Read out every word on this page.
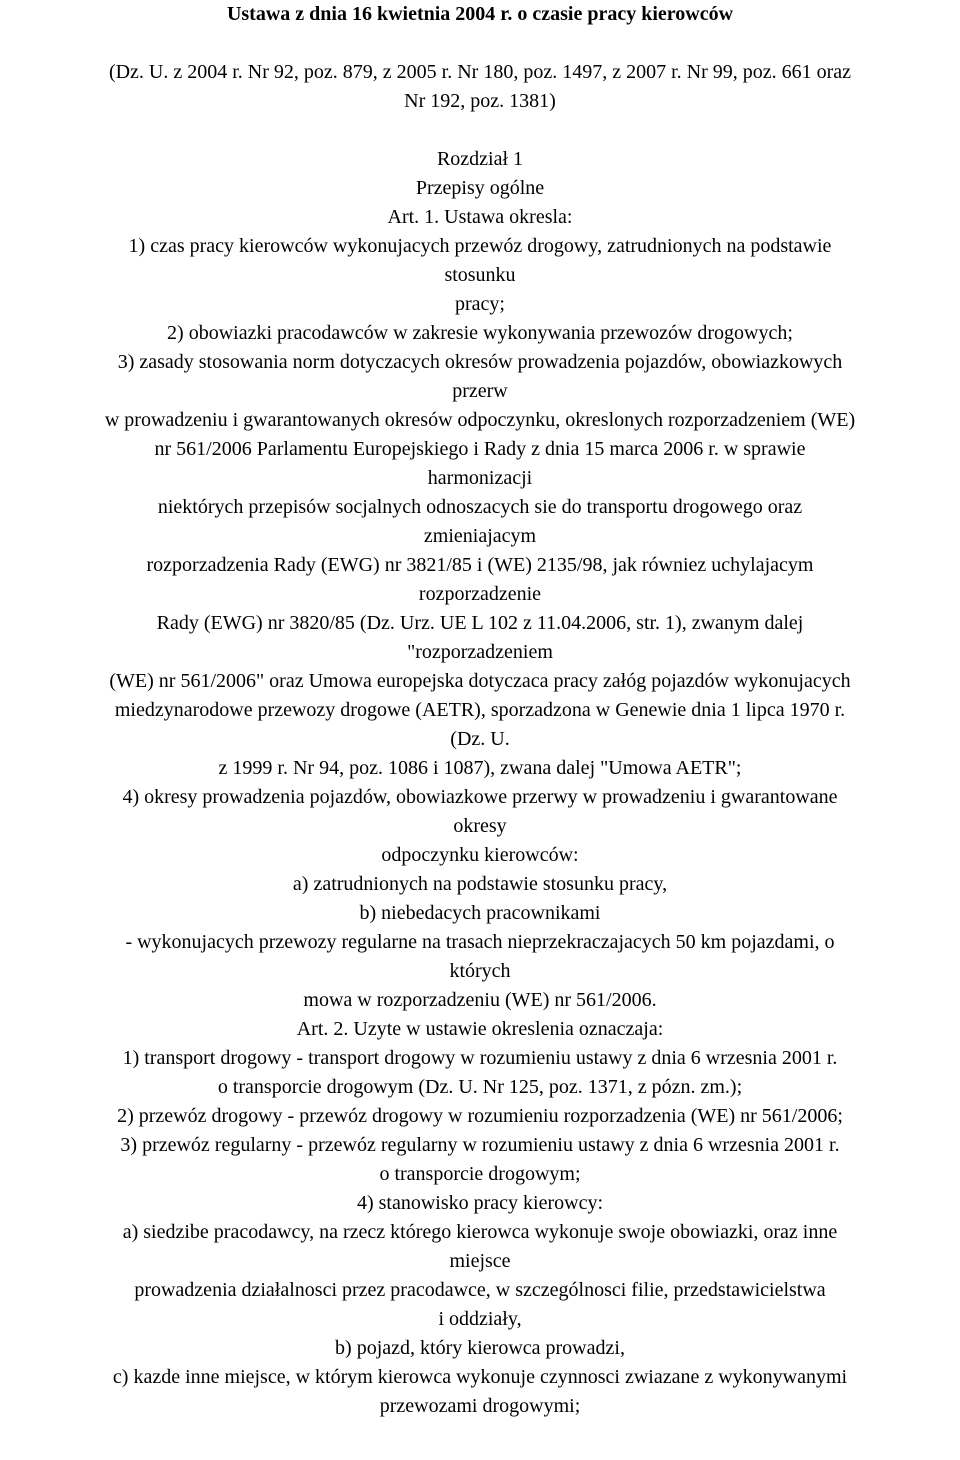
Ustawa z dnia 16 kwietnia 2004 r. o czasie pracy kierowców
(Dz. U. z 2004 r. Nr 92, poz. 879, z 2005 r. Nr 180, poz. 1497, z 2007 r. Nr 99, poz. 661 oraz
Nr 192, poz. 1381)
Rozdział 1
Przepisy ogólne
Art. 1. Ustawa okresla:
1) czas pracy kierowców wykonujacych przewóz drogowy, zatrudnionych na podstawie
stosunku
pracy;
2) obowiazki pracodawców w zakresie wykonywania przewozów drogowych;
3) zasady stosowania norm dotyczacych okresów prowadzenia pojazdów, obowiazkowych
przerw
w prowadzeniu i gwarantowanych okresów odpoczynku, okreslonych rozporzadzeniem (WE)
nr 561/2006 Parlamentu Europejskiego i Rady z dnia 15 marca 2006 r. w sprawie
harmonizacji
niektórych przepisów socjalnych odnoszacych sie do transportu drogowego oraz
zmieniajacym
rozporzadzenia Rady (EWG) nr 3821/85 i (WE) 2135/98, jak równiez uchylajacym
rozporzadzenie
Rady (EWG) nr 3820/85 (Dz. Urz. UE L 102 z 11.04.2006, str. 1), zwanym dalej
"rozporzadzeniem
(WE) nr 561/2006" oraz Umowa europejska dotyczaca pracy załóg pojazdów wykonujacych
miedzynarodowe przewozy drogowe (AETR), sporzadzona w Genewie dnia 1 lipca 1970 r.
(Dz. U.
z 1999 r. Nr 94, poz. 1086 i 1087), zwana dalej "Umowa AETR";
4) okresy prowadzenia pojazdów, obowiazkowe przerwy w prowadzeniu i gwarantowane
okresy
odpoczynku kierowców:
a) zatrudnionych na podstawie stosunku pracy,
b) niebedacych pracownikami
- wykonujacych przewozy regularne na trasach nieprzekraczajacych 50 km pojazdami, o
których
mowa w rozporzadzeniu (WE) nr 561/2006.
Art. 2. Uzyte w ustawie okreslenia oznaczaja:
1) transport drogowy - transport drogowy w rozumieniu ustawy z dnia 6 wrzesnia 2001 r.
o transporcie drogowym (Dz. U. Nr 125, poz. 1371, z pózn. zm.);
2) przewóz drogowy - przewóz drogowy w rozumieniu rozporzadzenia (WE) nr 561/2006;
3) przewóz regularny - przewóz regularny w rozumieniu ustawy z dnia 6 wrzesnia 2001 r.
o transporcie drogowym;
4) stanowisko pracy kierowcy:
a) siedzibe pracodawcy, na rzecz którego kierowca wykonuje swoje obowiazki, oraz inne
miejsce
prowadzenia działalnosci przez pracodawce, w szczególnosci filie, przedstawicielstwa
i oddziały,
b) pojazd, który kierowca prowadzi,
c) kazde inne miejsce, w którym kierowca wykonuje czynnosci zwiazane z wykonywanymi
przewozami drogowymi;
